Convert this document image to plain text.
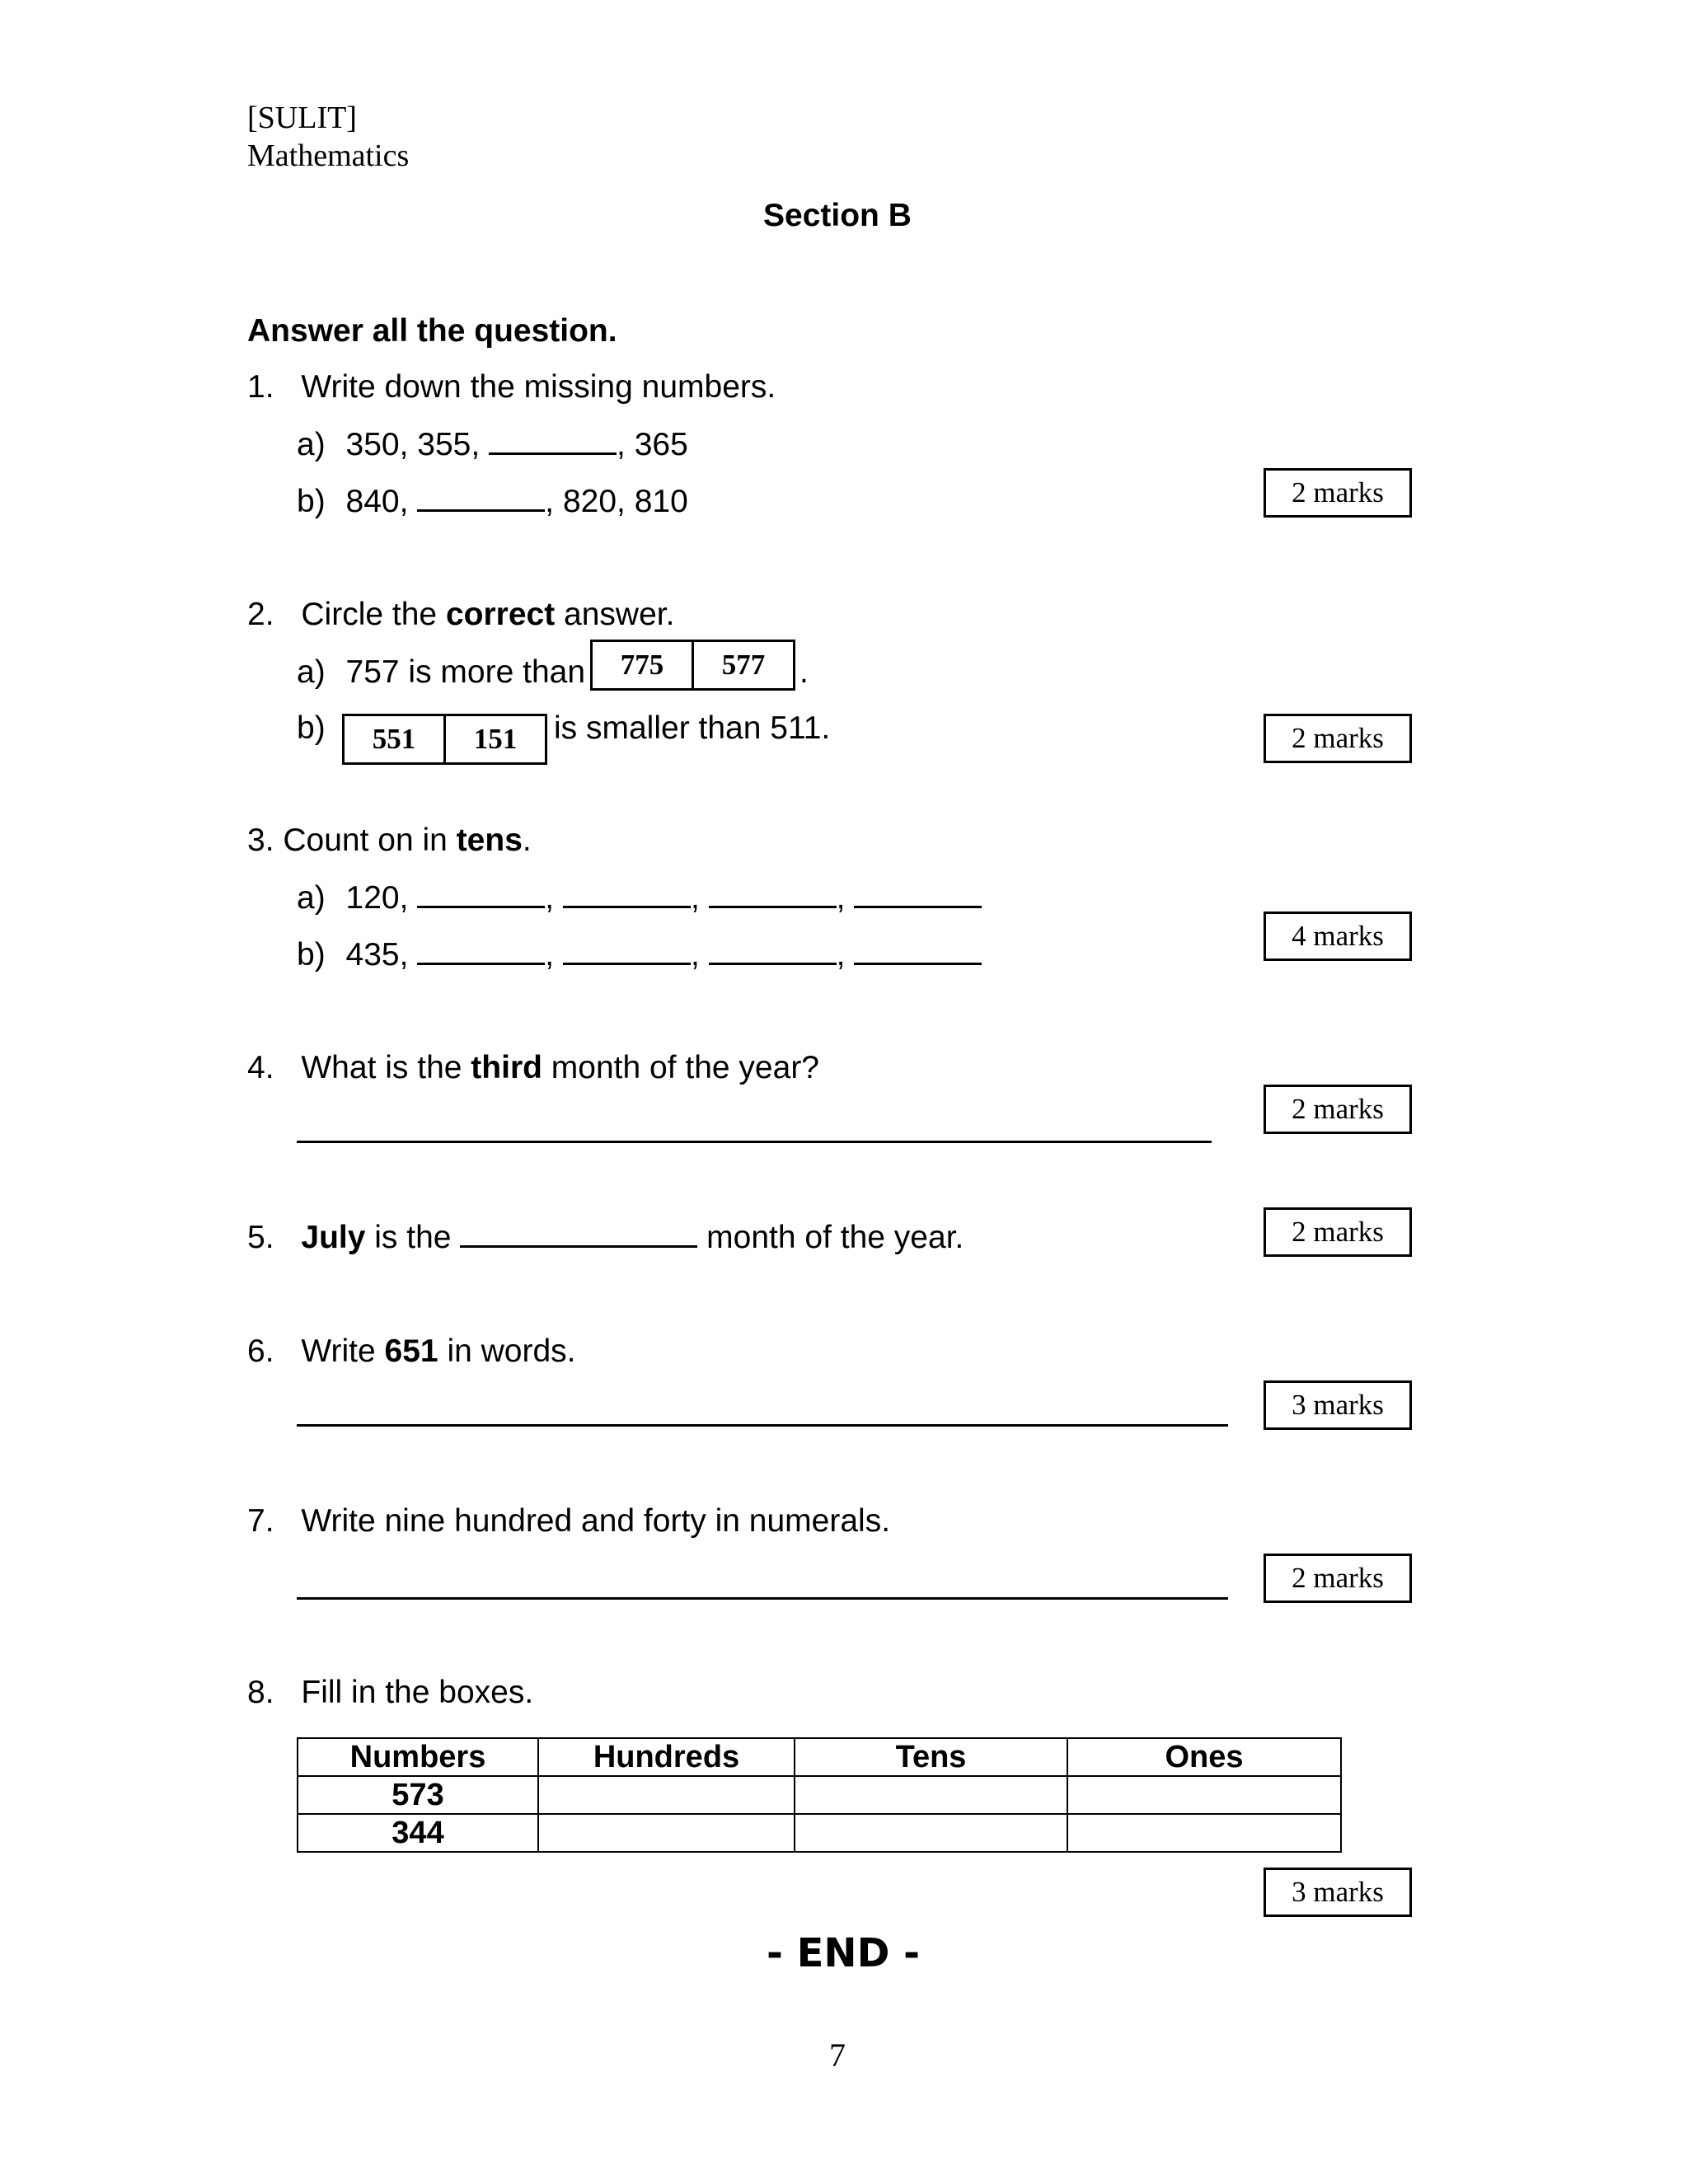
[SULIT]
Mathematics
Section B
Answer all the question.
1. Write down the missing numbers.
a) 350, 355,	, 365
b) 840,	, 820, 810	2 marks
2. Circle the correct answer.
a) 757 is more than	775	577	.
b)	551	151	is smaller than 511.	2 marks
3. Count on in tens.
a) 120,	,	,	,
b) 435,	,	,	,
4 marks
4. What is the third month of the year?
2 marks
5. July is the	month of the year.	2 marks
6. Write 651 in words.
3 marks
7. Write nine hundred and forty in numerals.
2 marks
8. Fill in the boxes.
Numbers	Hundreds	Tens	Ones
573			
344			
3 marks
- END -
7
